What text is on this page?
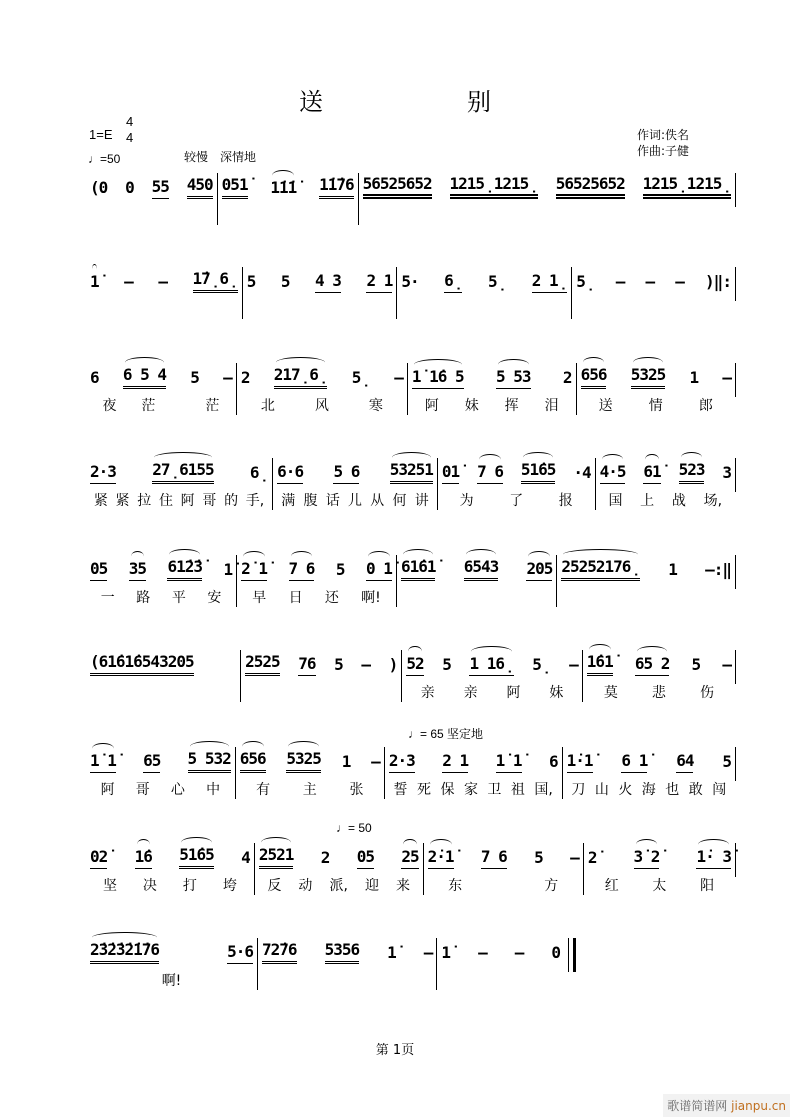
送　别
1=E
4
4
♩=50	较慢　深情地
作词:佚名
作曲:子健
♩= 65 坚定地
♩= 50
(0 0 55 450 051̇ 1̇1̇1̇ 1̇1̇76 56525652 1215̣1215̣ 56525652 1215̣1215̣
1̇ – – 1̇7̣6̣ 5 5 4 3 2 1 5· 6̣ 5̣ 2 1̣ 5̣ – – – )‖:
6 6 5 4 5 –
夜 茫	茫
2 217̣6̣ 5̣ –
北	风	寒
1̇ 1̇6 5 5 53 2
阿 妹 挥 泪
656 5325 1 –
送	情	郎
2·3 27̣6155 6̣
紧 紧 拉 住 阿 哥 的 手,
6·6 5 6 53251
满 腹 话 儿 从 何 讲
01̇ 7 6 51̇65 ·4
为	了	报
4·5 61̇ 523 3
国 上 战 场,
05 35 61̇2̇3̇ 1̇
一 路 平 安
2̇ 1̇ 7 6 5 0 1̇
早 日 还 啊!
61̇61̇ 6543 205 25252176̣ 1 –:‖
(61̇61̇6543205	2525 76 5 – ) 52 5 1 16̣ 5̣ –
亲 亲 阿 妹
1̇61̇ 65 2 5 –
莫 悲 伤
1̇ 1̇ 65 5 532
阿 哥 心 中
656 5325 1 –
有 主 张
2·3 2 1 1̇ 1̇ 6
誓 死 保 家 卫 祖 国,
1̇·1̇ 6 1̇ 64 5
刀 山 火 海 也 敢 闯
02̇ 1̇6 51̇65 4
坚 决 打 垮
2521 2 05 25
反 动 派, 迎 来
2̇·1̇ 7 6 5 –
东	方
2̇ 3̇ 2̇ 1̇· 3̇
红 太 阳
2̇3̇2̇3̇2̇1̇76	5·6
啊!
72̇76 5356 1̇ – 1̇ – – 0
第 1页
歌谱简谱网 jianpu.cn
